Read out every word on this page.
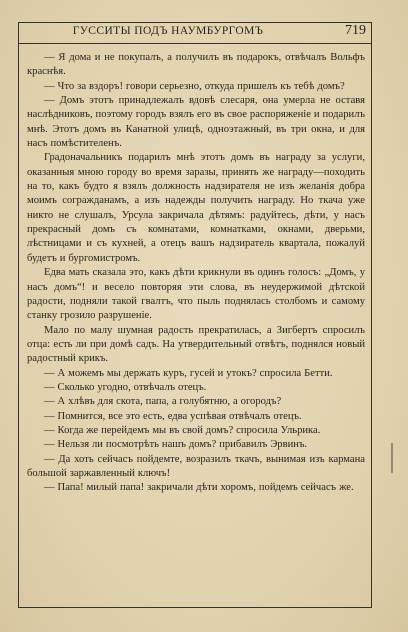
ГУССИТЫ ПОДЪ НАУМБУРГОМЪ	719

— Я дома и не покупалъ, а получилъ въ подарокъ, отвѣчалъ Вольфъ краснѣя.

— Что за вздоръ! говори серьезно, откуда пришелъ къ тебѣ домъ?

— Домъ этотъ принадлежалъ вдовѣ слесаря, она умерла не оставя наслѣдниковъ, поэтому городъ взялъ его въ свое распоряженіе и подарилъ мнѣ. Этотъ домъ въ Канатной улицѣ, одноэтажный, въ три окна, и для насъ помѣстителенъ.

Градоначальникъ подарилъ мнѣ этотъ домъ въ награду за услуги, оказанныя мною городу во время заразы, принять же награду—походить на то, какъ будто я взялъ должность надзирателя не изъ желанія добра моимъ согражданамъ, а изъ надежды получить награду. Но ткача уже никто не слушалъ, Урсула закричала дѣтямъ: радуйтесь, дѣти, у насъ прекрасный домъ съ комнатами, комнатками, окнами, дверьми, лѣстницами и съ кухней, а отецъ вашъ надзиратель квартала, пожалуй будетъ и бургомистромъ.

Едва мать сказала это, какъ дѣти крикнули въ одинъ голосъ: „Домъ, у насъ домъ“! и весело повторяя эти слова, въ неудержимой дѣтской радости, подняли такой гвалтъ, что пыль поднялась столбомъ и самому станку грозило разрушеніе.

Мало по малу шумная радость прекратилась, а Зигбертъ спросилъ отца: есть ли при домѣ садъ. На утвердительный отвѣтъ, поднялся новый радостный крикъ.

— А можемъ мы держать куръ, гусей и утокъ? спросила Бетти.

— Сколько угодно, отвѣчалъ отецъ.

— А хлѣвъ для скота, папа, а голубятню, а огородъ?

— Помнится, все это есть, едва успѣвая отвѣчалъ отецъ.

— Когда же перейдемъ мы въ свой домъ? спросила Ульрика.

— Нельзя ли посмотрѣть нашъ домъ? прибавилъ Эрвинъ.

— Да хоть сейчасъ пойдемте, возразилъ ткачъ, вынимая изъ кармана большой заржавленный ключъ!

— Папа! милый папа! закричали дѣти хоромъ, пойдемъ сейчасъ же.
